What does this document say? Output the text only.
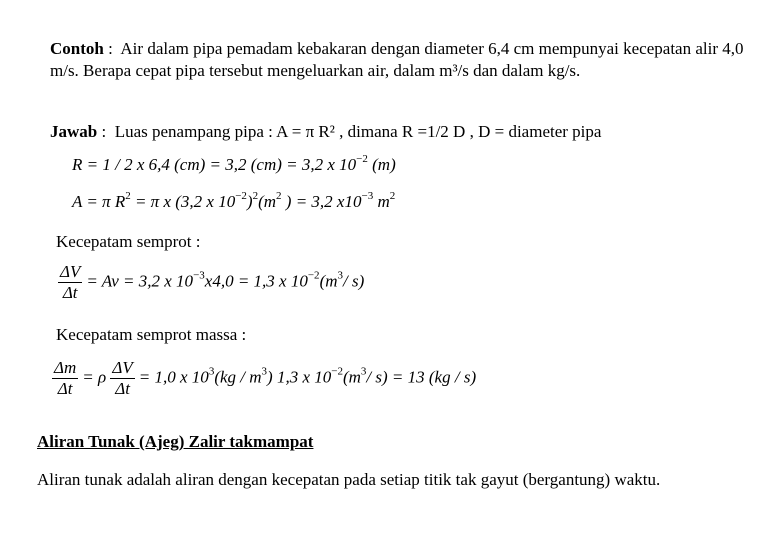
Contoh : Air dalam pipa pemadam kebakaran dengan diameter 6,4 cm mempunyai kecepatan alir 4,0 m/s. Berapa cepat pipa tersebut mengeluarkan air, dalam m³/s dan dalam kg/s.

Jawab : Luas penampang pipa : A = π R² , dimana R =1/2 D , D = diameter pipa

R = 1 / 2 x 6,4 (cm) = 3,2 (cm) = 3,2 x $10^{-2}$ (m)
A = π $R^2 = \pi$ x (3,2 x $10^{-2})^2(m^2$ ) = 3,2 $x10^{-3}$ $m^2$
Kecepatam semprot :
$\frac{\Delta V}{\Delta t} = Av = 3,2$ x $10^{-3}x4,0 = 1,3$ x $10^{-2}(m^3/$ s)
Kecepatam semprot massa :
$\frac{\Delta m}{\Delta t} = \rho \frac{\Delta V}{\Delta t} = 1,0$ x $10^3(kg / m^3)$ 1,3 x $10^{-2}(m^3/$ s) = 13 (kg / s)
Aliran Tunak (Ajeg) Zalir takmampat

Aliran tunak adalah aliran dengan kecepatan pada setiap titik tak gayut (bergantung) waktu.
